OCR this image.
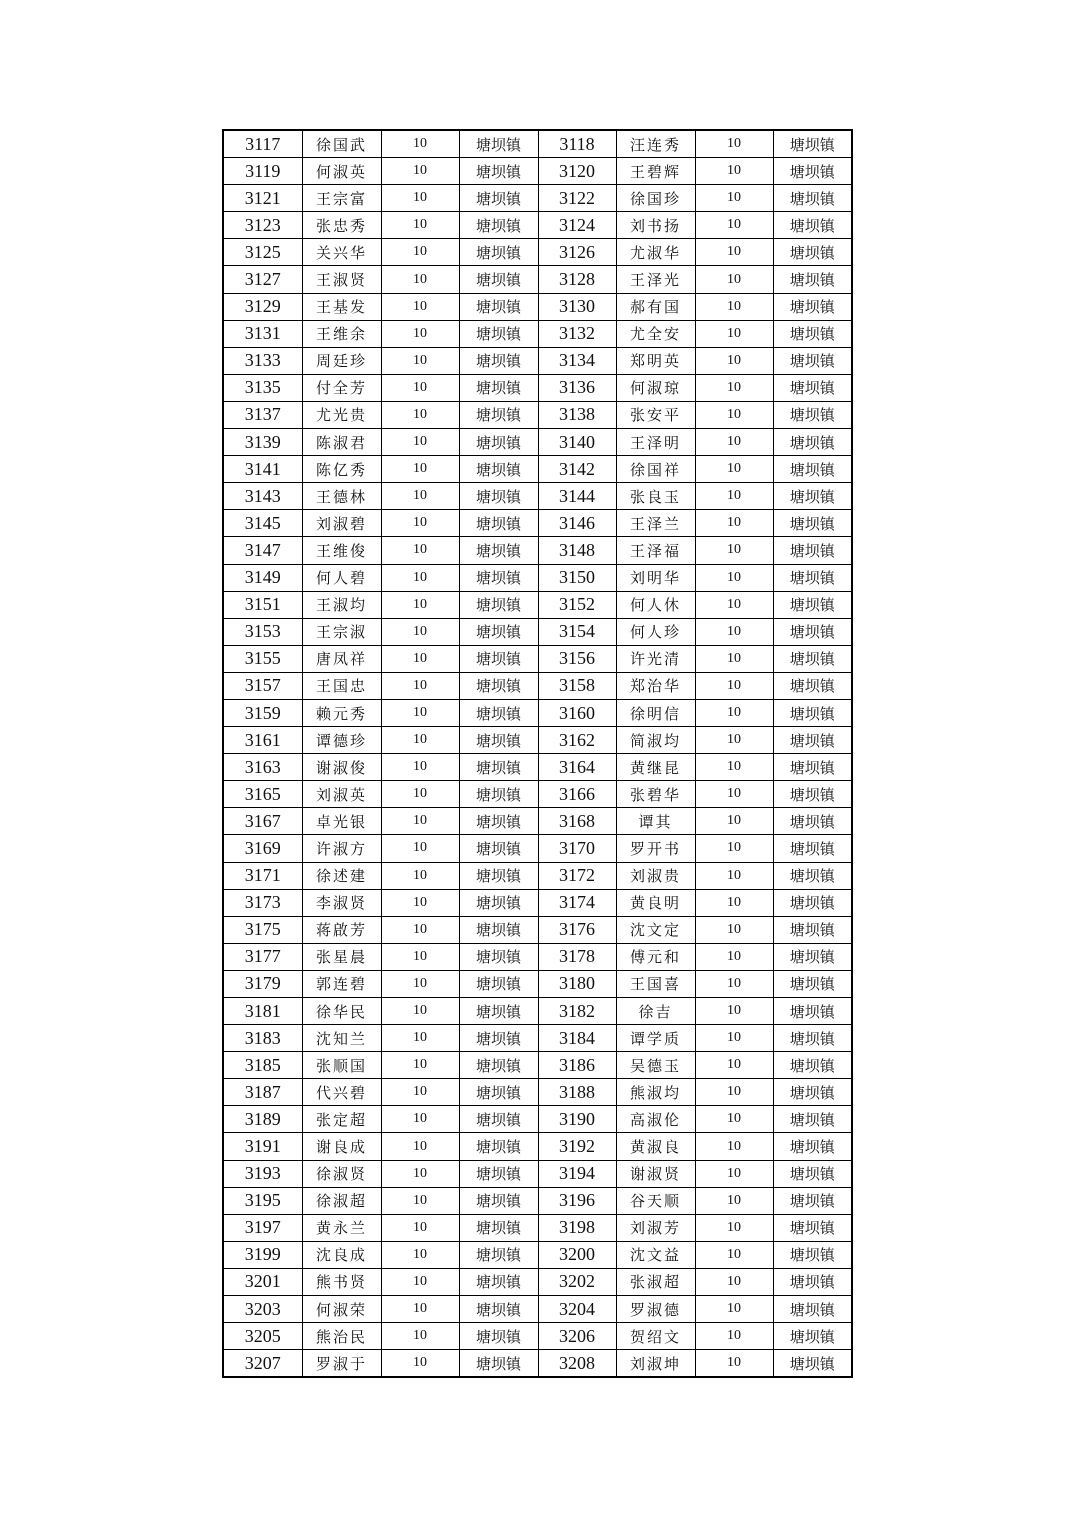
3117	徐国武	10	塘坝镇	3118	汪连秀	10	塘坝镇
3119	何淑英	10	塘坝镇	3120	王碧辉	10	塘坝镇
3121	王宗富	10	塘坝镇	3122	徐国珍	10	塘坝镇
3123	张忠秀	10	塘坝镇	3124	刘书扬	10	塘坝镇
3125	关兴华	10	塘坝镇	3126	尤淑华	10	塘坝镇
3127	王淑贤	10	塘坝镇	3128	王泽光	10	塘坝镇
3129	王基发	10	塘坝镇	3130	郝有国	10	塘坝镇
3131	王维余	10	塘坝镇	3132	尤全安	10	塘坝镇
3133	周廷珍	10	塘坝镇	3134	郑明英	10	塘坝镇
3135	付全芳	10	塘坝镇	3136	何淑琼	10	塘坝镇
3137	尤光贵	10	塘坝镇	3138	张安平	10	塘坝镇
3139	陈淑君	10	塘坝镇	3140	王泽明	10	塘坝镇
3141	陈亿秀	10	塘坝镇	3142	徐国祥	10	塘坝镇
3143	王德林	10	塘坝镇	3144	张良玉	10	塘坝镇
3145	刘淑碧	10	塘坝镇	3146	王泽兰	10	塘坝镇
3147	王维俊	10	塘坝镇	3148	王泽福	10	塘坝镇
3149	何人碧	10	塘坝镇	3150	刘明华	10	塘坝镇
3151	王淑均	10	塘坝镇	3152	何人休	10	塘坝镇
3153	王宗淑	10	塘坝镇	3154	何人珍	10	塘坝镇
3155	唐凤祥	10	塘坝镇	3156	许光清	10	塘坝镇
3157	王国忠	10	塘坝镇	3158	郑治华	10	塘坝镇
3159	赖元秀	10	塘坝镇	3160	徐明信	10	塘坝镇
3161	谭德珍	10	塘坝镇	3162	简淑均	10	塘坝镇
3163	谢淑俊	10	塘坝镇	3164	黄继昆	10	塘坝镇
3165	刘淑英	10	塘坝镇	3166	张碧华	10	塘坝镇
3167	卓光银	10	塘坝镇	3168	谭其	10	塘坝镇
3169	许淑方	10	塘坝镇	3170	罗开书	10	塘坝镇
3171	徐述建	10	塘坝镇	3172	刘淑贵	10	塘坝镇
3173	李淑贤	10	塘坝镇	3174	黄良明	10	塘坝镇
3175	蒋啟芳	10	塘坝镇	3176	沈文定	10	塘坝镇
3177	张星晨	10	塘坝镇	3178	傅元和	10	塘坝镇
3179	郭连碧	10	塘坝镇	3180	王国喜	10	塘坝镇
3181	徐华民	10	塘坝镇	3182	徐吉	10	塘坝镇
3183	沈知兰	10	塘坝镇	3184	谭学质	10	塘坝镇
3185	张顺国	10	塘坝镇	3186	吴德玉	10	塘坝镇
3187	代兴碧	10	塘坝镇	3188	熊淑均	10	塘坝镇
3189	张定超	10	塘坝镇	3190	高淑伦	10	塘坝镇
3191	谢良成	10	塘坝镇	3192	黄淑良	10	塘坝镇
3193	徐淑贤	10	塘坝镇	3194	谢淑贤	10	塘坝镇
3195	徐淑超	10	塘坝镇	3196	谷天顺	10	塘坝镇
3197	黄永兰	10	塘坝镇	3198	刘淑芳	10	塘坝镇
3199	沈良成	10	塘坝镇	3200	沈文益	10	塘坝镇
3201	熊书贤	10	塘坝镇	3202	张淑超	10	塘坝镇
3203	何淑荣	10	塘坝镇	3204	罗淑德	10	塘坝镇
3205	熊治民	10	塘坝镇	3206	贺绍文	10	塘坝镇
3207	罗淑于	10	塘坝镇	3208	刘淑坤	10	塘坝镇
